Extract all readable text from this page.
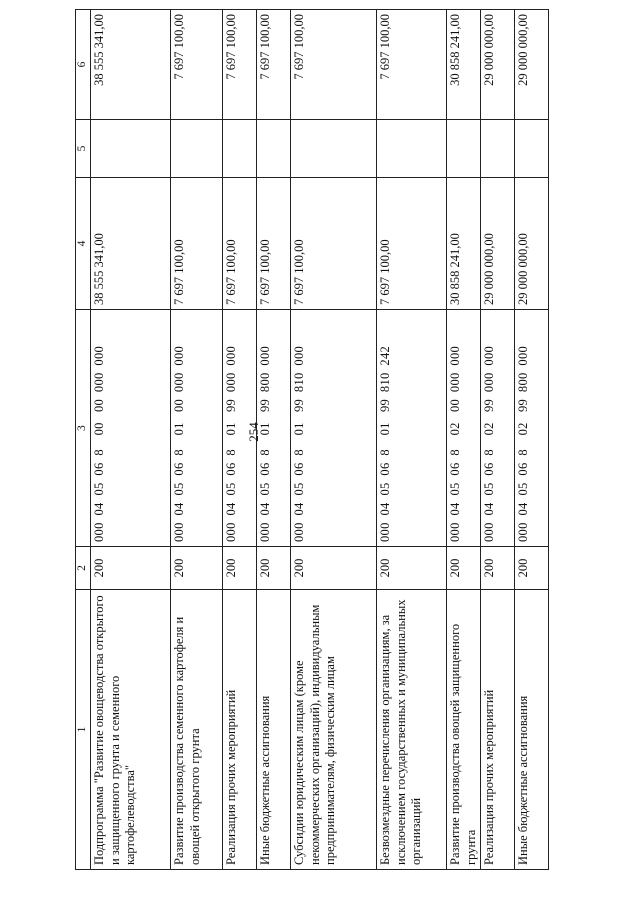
254
1	2	3	4	5	6
Подпрограмма "Развитие овощеводства открытого и защищенного грунта и семенного картофелеводства"	200	000  04  05  06  8    00   00  000  000	38 555 341,00		38 555 341,00
Развитие производства семенного картофеля и овощей открытого грунта	200	000  04  05  06  8    01   00  000  000	7 697 100,00		7 697 100,00
Реализация прочих мероприятий	200	000  04  05  06  8    01   99  000  000	7 697 100,00		7 697 100,00
Иные бюджетные ассигнования	200	000  04  05  06  8    01   99  800  000	7 697 100,00		7 697 100,00
Субсидии юридическим лицам (кроме некоммерческих организаций), индивидуальным предпринимателям, физическим лицам	200	000  04  05  06  8    01   99  810  000	7 697 100,00		7 697 100,00
Безвозмездные перечисления организациям, за исключением государственных и муниципальных организаций	200	000  04  05  06  8    01   99  810  242	7 697 100,00		7 697 100,00
Развитие производства овощей защищенного грунта	200	000  04  05  06  8    02   00  000  000	30 858 241,00		30 858 241,00
Реализация прочих мероприятий	200	000  04  05  06  8    02   99  000  000	29 000 000,00		29 000 000,00
Иные бюджетные ассигнования	200	000  04  05  06  8    02   99  800  000	29 000 000,00		29 000 000,00
